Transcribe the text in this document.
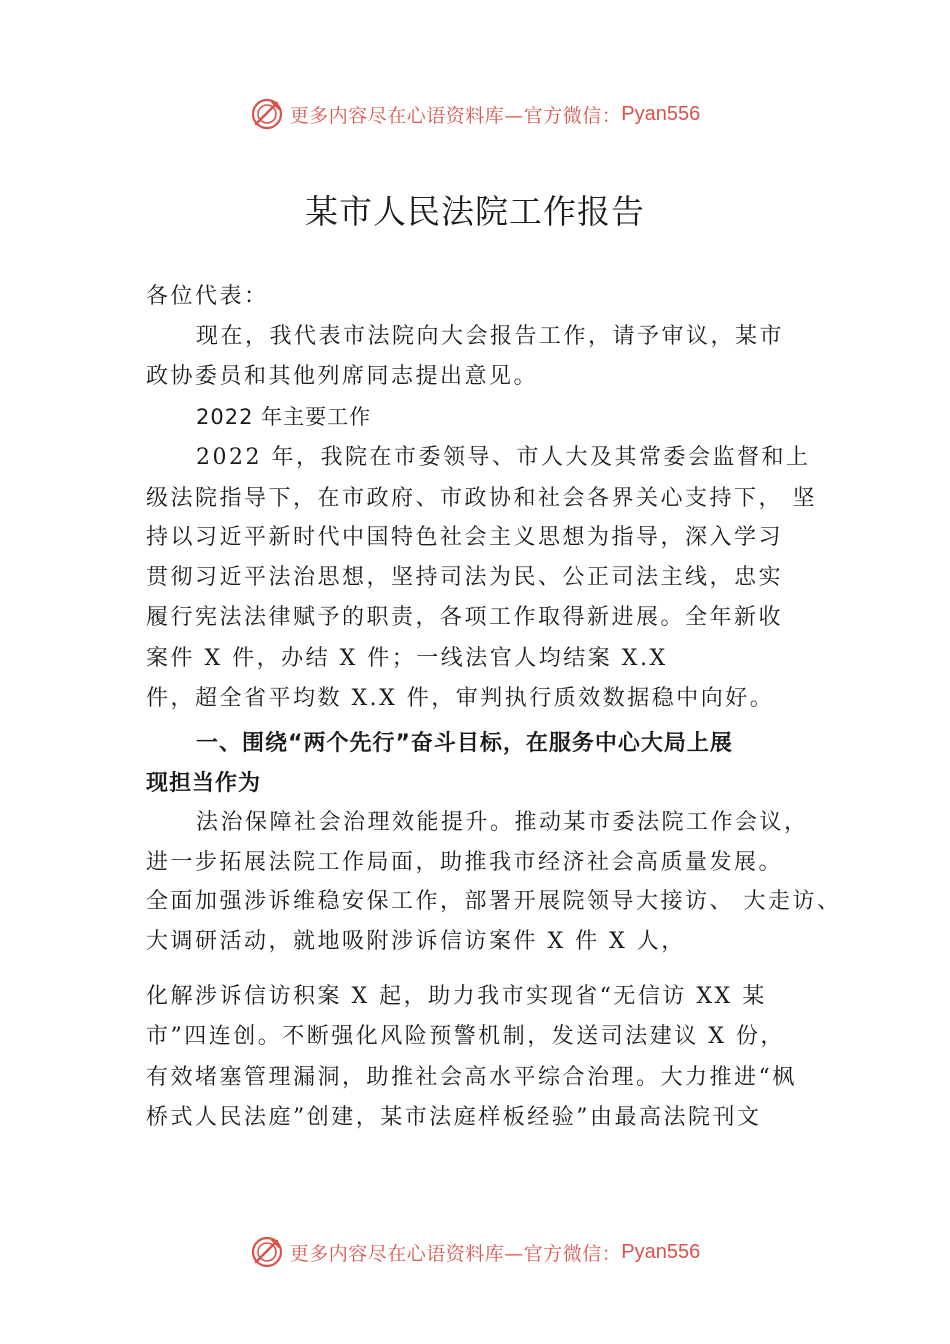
更多内容尽在心语资料库—官方微信： Pyan556
某市人民法院工作报告
各位代表：
现在，我代表市法院向大会报告工作，请予审议，某市
政协委员和其他列席同志提出意见。
2022 年主要工作
2022 年，我院在市委领导、市人大及其常委会监督和上
级法院指导下，在市政府、市政协和社会各界关心支持下， 坚
持以习近平新时代中国特色社会主义思想为指导，深入学习
贯彻习近平法治思想，坚持司法为民、公正司法主线，忠实
履行宪法法律赋予的职责，各项工作取得新进展。全年新收
案件 X 件，办结 X 件；一线法官人均结案 X.X
件，超全省平均数 X.X 件，审判执行质效数据稳中向好。
一、围绕“两个先行”奋斗目标，在服务中心大局上展
现担当作为
法治保障社会治理效能提升。推动某市委法院工作会议，
进一步拓展法院工作局面，助推我市经济社会高质量发展。
全面加强涉诉维稳安保工作，部署开展院领导大接访、 大走访、
大调研活动，就地吸附涉诉信访案件 X 件 X 人，
化解涉诉信访积案 X 起，助力我市实现省“无信访 XX 某
市”四连创。不断强化风险预警机制，发送司法建议 X 份，
有效堵塞管理漏洞，助推社会高水平综合治理。大力推进“枫
桥式人民法庭”创建，某市法庭样板经验”由最高法院刊文
更多内容尽在心语资料库—官方微信： Pyan556
